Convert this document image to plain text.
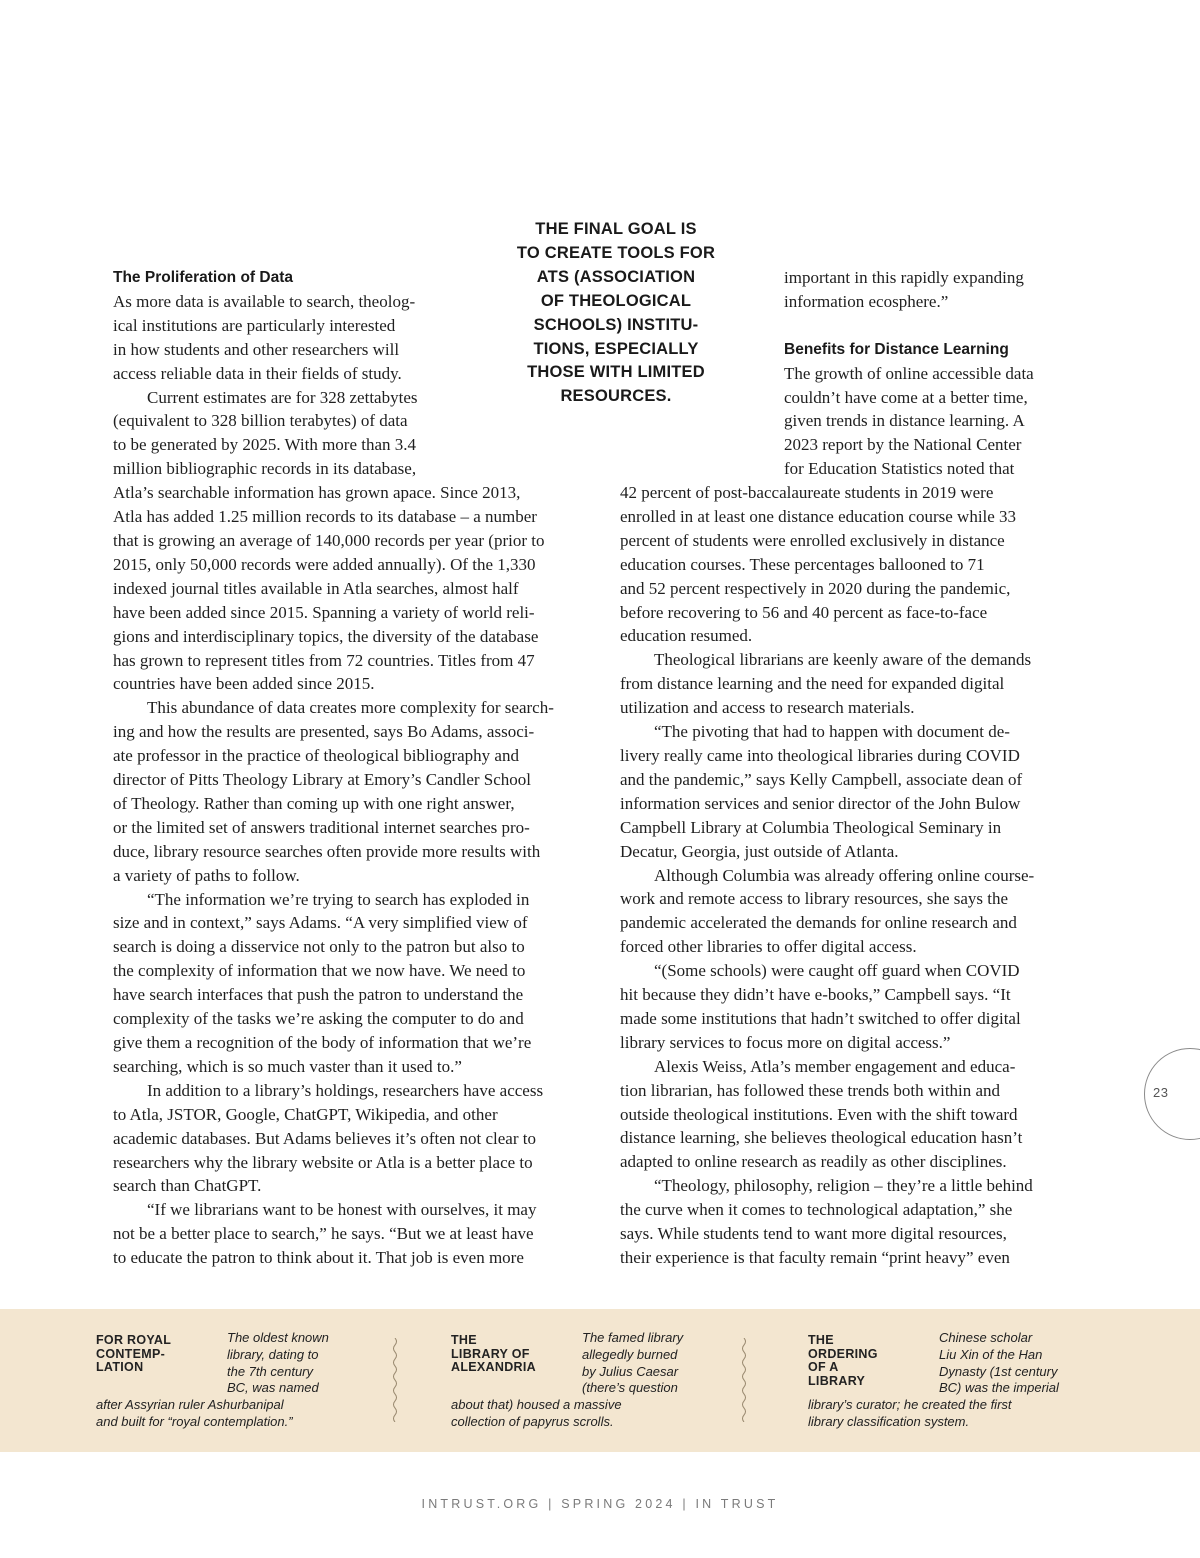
THE FINAL GOAL IS
TO CREATE TOOLS FOR
ATS (ASSOCIATION
OF THEOLOGICAL
SCHOOLS) INSTITU-
TIONS, ESPECIALLY
THOSE WITH LIMITED
RESOURCES.
The Proliferation of Data
As more data is available to search, theolog-
ical institutions are particularly interested
in how students and other researchers will
access reliable data in their fields of study.
Current estimates are for 328 zettabytes
(equivalent to 328 billion terabytes) of data
to be generated by 2025. With more than 3.4
million bibliographic records in its database,
Atla’s searchable information has grown apace. Since 2013,
Atla has added 1.25 million records to its database – a number
that is growing an average of 140,000 records per year (prior to
2015, only 50,000 records were added annually). Of the 1,330
indexed journal titles available in Atla searches, almost half
have been added since 2015. Spanning a variety of world reli-
gions and interdisciplinary topics, the diversity of the database
has grown to represent titles from 72 countries. Titles from 47
countries have been added since 2015.
This abundance of data creates more complexity for search-
ing and how the results are presented, says Bo Adams, associ-
ate professor in the practice of theological bibliography and
director of Pitts Theology Library at Emory’s Candler School
of Theology. Rather than coming up with one right answer,
or the limited set of answers traditional internet searches pro-
duce, library resource searches often provide more results with
a variety of paths to follow.
“The information we’re trying to search has exploded in
size and in context,” says Adams. “A very simplified view of
search is doing a disservice not only to the patron but also to
the complexity of information that we now have. We need to
have search interfaces that push the patron to understand the
complexity of the tasks we’re asking the computer to do and
give them a recognition of the body of information that we’re
searching, which is so much vaster than it used to.”
In addition to a library’s holdings, researchers have access
to Atla, JSTOR, Google, ChatGPT, Wikipedia, and other
academic databases. But Adams believes it’s often not clear to
researchers why the library website or Atla is a better place to
search than ChatGPT.
“If we librarians want to be honest with ourselves, it may
not be a better place to search,” he says. “But we at least have
to educate the patron to think about it. That job is even more
important in this rapidly expanding
information ecosphere.”
Benefits for Distance Learning
The growth of online accessible data
couldn’t have come at a better time,
given trends in distance learning. A
2023 report by the National Center
for Education Statistics noted that
42 percent of post-baccalaureate students in 2019 were
enrolled in at least one distance education course while 33
percent of students were enrolled exclusively in distance
education courses. These percentages ballooned to 71
and 52 percent respectively in 2020 during the pandemic,
before recovering to 56 and 40 percent as face-to-face
education resumed.
Theological librarians are keenly aware of the demands
from distance learning and the need for expanded digital
utilization and access to research materials.
“The pivoting that had to happen with document de-
livery really came into theological libraries during COVID
and the pandemic,” says Kelly Campbell, associate dean of
information services and senior director of the John Bulow
Campbell Library at Columbia Theological Seminary in
Decatur, Georgia, just outside of Atlanta.
Although Columbia was already offering online course-
work and remote access to library resources, she says the
pandemic accelerated the demands for online research and
forced other libraries to offer digital access.
“(Some schools) were caught off guard when COVID
hit because they didn’t have e-books,” Campbell says. “It
made some institutions that hadn’t switched to offer digital
library services to focus more on digital access.”
Alexis Weiss, Atla’s member engagement and educa-
tion librarian, has followed these trends both within and
outside theological institutions. Even with the shift toward
distance learning, she believes theological education hasn’t
adapted to online research as readily as other disciplines.
“Theology, philosophy, religion – they’re a little behind
the curve when it comes to technological adaptation,” she
says. While students tend to want more digital resources,
their experience is that faculty remain “print heavy” even
23
FOR ROYAL
CONTEMP-
LATION
The oldest known
library, dating to
the 7th century
BC, was named
after Assyrian ruler Ashurbanipal
and built for “royal contemplation.”
THE
LIBRARY OF
ALEXANDRIA
The famed library
allegedly burned
by Julius Caesar
(there’s question
about that) housed a massive
collection of papyrus scrolls.
THE
ORDERING
OF A
LIBRARY
Chinese scholar
Liu Xin of the Han
Dynasty (1st century
BC) was the imperial
library’s curator; he created the first
library classification system.
INTRUST.ORG | SPRING 2024 | IN TRUST
